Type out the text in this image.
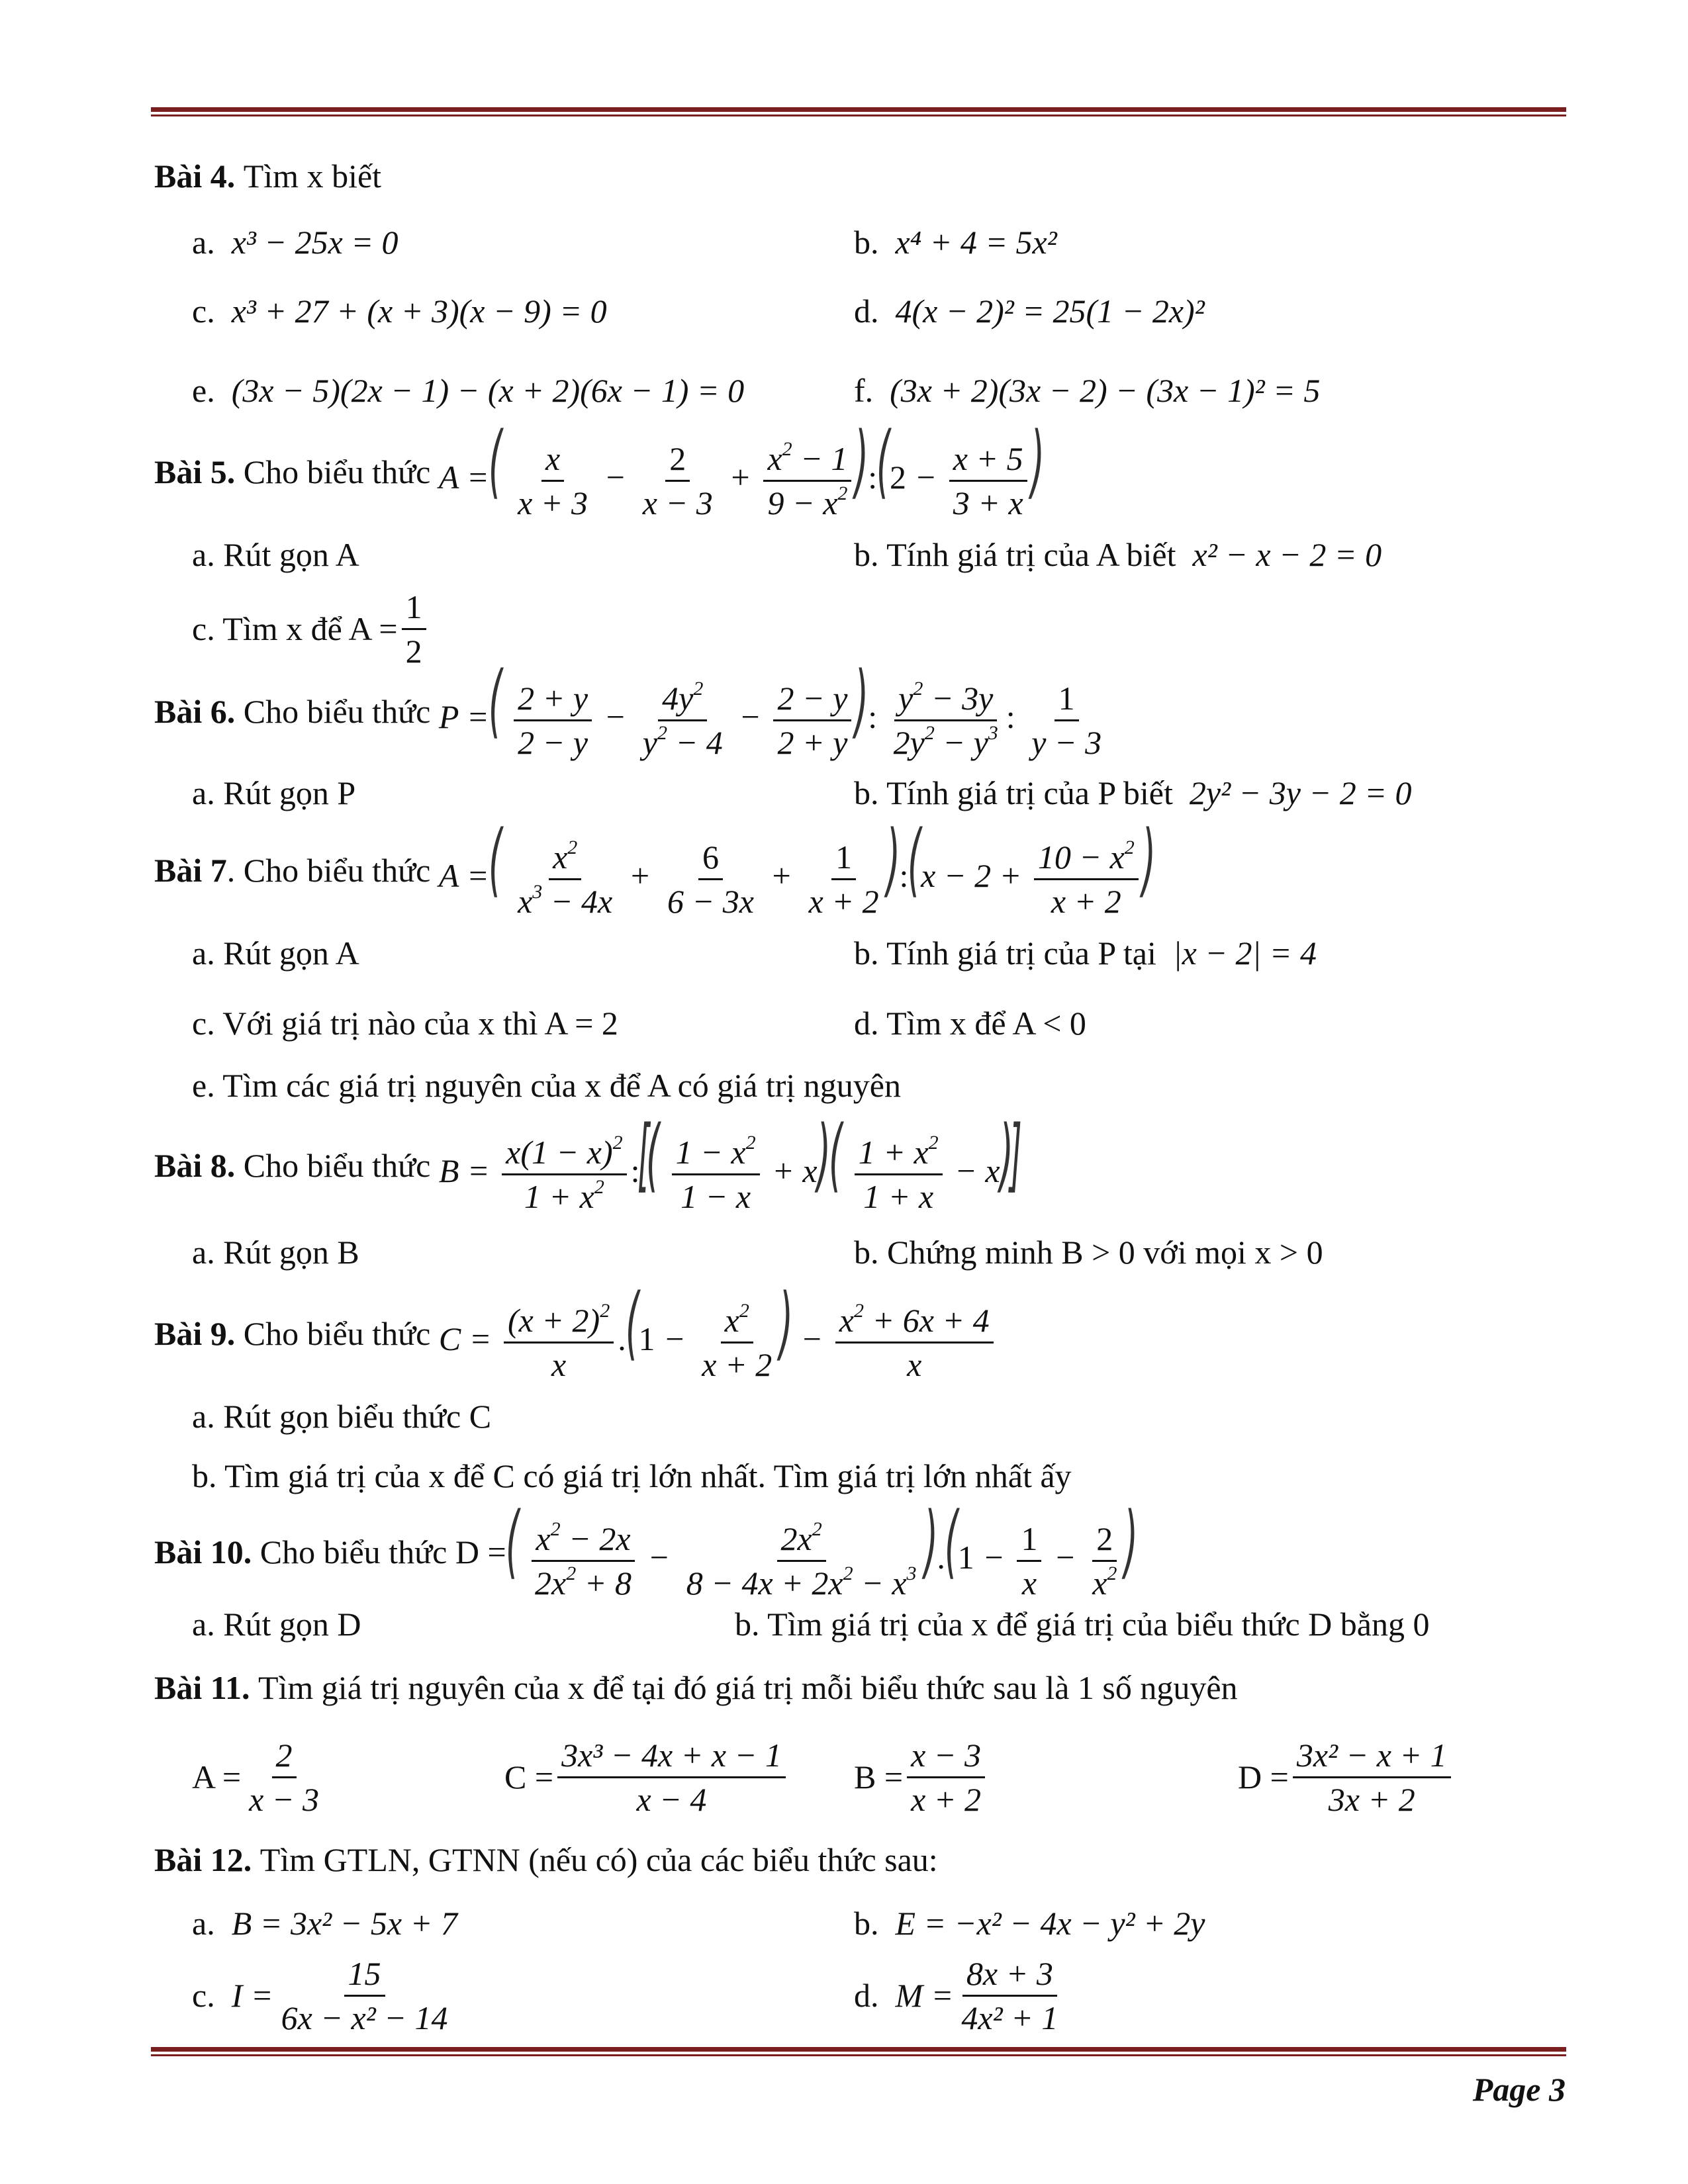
Bài 4.
Tìm x biết
a.
x³ − 25x = 0	b.
x⁴ + 4 = 5x²
c.
x³ + 27 + (x + 3)(x − 9) = 0	d.
4(x − 2)² = 25(1 − 2x)²
e.
(3x − 5)(2x − 1) − (x + 2)(6x − 1) = 0	f.
(3x + 2)(3x − 2) − (3x − 1)² = 5
Bài 5.
Cho biểu thức
A =( $\frac{x}{x + 3} - \frac{2}{x - 3} + \frac{x^2 - 1}{9 - x^2}$ ):(2 − $\frac{x + 5}{3 + x}$ )
a. Rút gọn A	b. Tính giá trị của A biết
x² − x − 2 = 0
c. Tìm x để $A = \frac{1}{2}$
Bài 6.
Cho biểu thức
P =( $\frac{2 + y}{2 - y} - \frac{4y^2}{y^2 - 4} - \frac{2 - y}{2 + y}$ ): $\frac{y^2 - 3y}{2y^2 - y^3}$ : $\frac{1}{y - 3}$
a. Rút gọn P	b. Tính giá trị của P biết
2y² − 3y − 2 = 0
Bài 7 . Cho biểu thức
A =( $\frac{x^2}{x^3 - 4x} + \frac{6}{6 - 3x} + \frac{1}{x + 2}$ ):(x − $2 + \frac{10 - x^2}{x + 2}$ )
a. Rút gọn A	b. Tính giá trị của P tại
|x − 2| = 4
c. Với giá trị nào của x thì A = 2	d. Tìm x để A < 0
e. Tìm các giá trị nguyên của x để A có giá trị nguyên
Bài 8.
Cho biểu thức
$B = \frac{x(1 - x)^2}{1 + x^2}$ :[( $\frac{1 - x^2}{1 - x} + x)( \frac{1 + x^2}{1 + x} - x)$]
a. Rút gọn B	b. Chứng minh B > 0 với mọi x > 0
Bài 9.
Cho biểu thức
$C = \frac{(x + 2)^2}{x} .(1 - \frac{x^2}{x + 2}$ ) − $\frac{x^2 + 6x + 4}{x}$
a. Rút gọn biểu thức C
b. Tìm giá trị của x để C có giá trị lớn nhất. Tìm giá trị lớn nhất ấy
Bài 10.
Cho biểu thức D =
( $\frac{x^2 - 2x}{2x^2 + 8} - \frac{2x^2}{8 - 4x + 2x^2 - x^3} ).(1 - \frac{1}{x} - \frac{2}{x^2}$ )
a. Rút gọn D	b. Tìm giá trị của x để giá trị của biểu thức D bằng 0
Bài 11.
Tìm giá trị nguyên của x để tại đó giá trị mỗi biểu thức sau là 1 số nguyên
$A = \frac{2}{x - 3}$	$C = \frac{\text{3x³ − 4x + x − 1}}{x - 4}$ $B = \frac{x - 3}{x + 2}$	$D = \frac{\text{3x² − x + 1}}{3x + 2}$
Bài 12.
Tìm GTLN, GTNN (nếu có) của các biểu thức sau:
a.
B = 3x² − 5x + 7	b.
E = −x² − 4x − y² + 2y
c.
$I = \frac{15}{\text{6x − x² − 14}}$	d.
$M = \frac{8x + 3}{\text{4x² + 1}}$
Page 3
